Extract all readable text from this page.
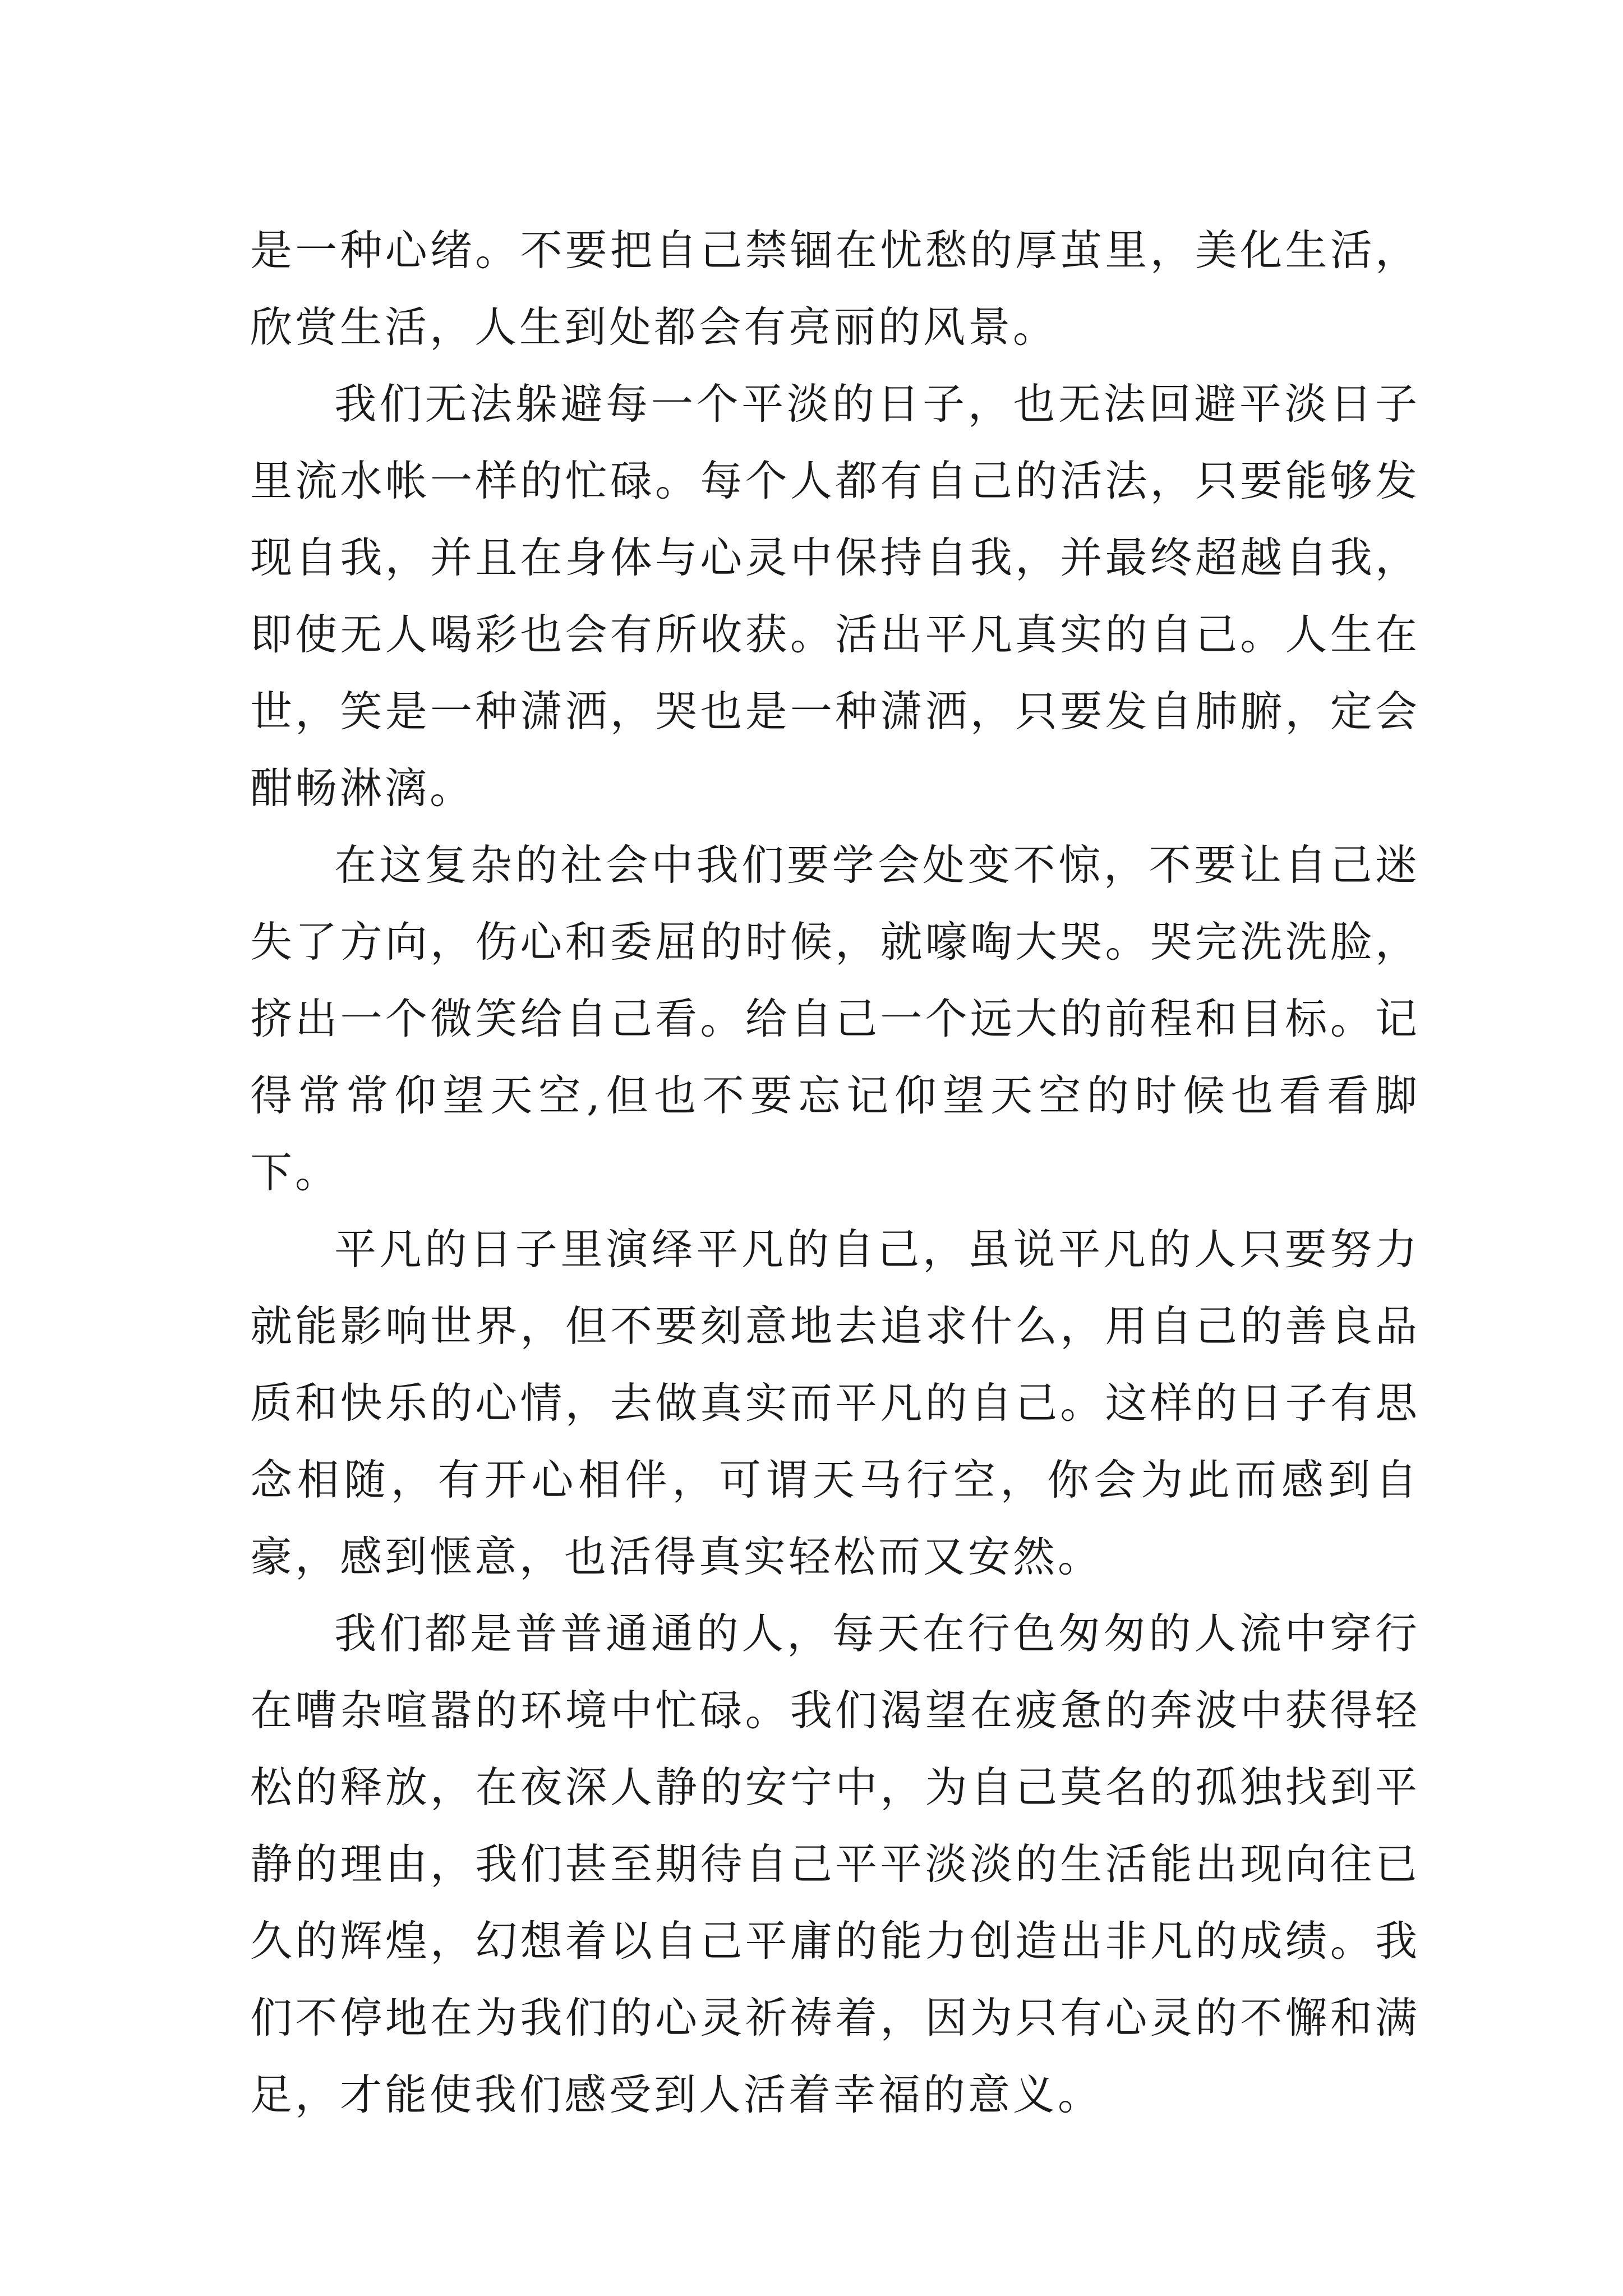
是一种心绪。不要把自己禁锢在忧愁的厚茧里，美化生活，欣赏生活，人生到处都会有亮丽的风景。

我们无法躲避每一个平淡的日子，也无法回避平淡日子里流水帐一样的忙碌。每个人都有自己的活法，只要能够发现自我，并且在身体与心灵中保持自我，并最终超越自我，即使无人喝彩也会有所收获。活出平凡真实的自己。人生在世，笑是一种潇洒，哭也是一种潇洒，只要发自肺腑，定会酣畅淋漓。

在这复杂的社会中我们要学会处变不惊，不要让自己迷失了方向，伤心和委屈的时候，就嚎啕大哭。哭完洗洗脸，挤出一个微笑给自己看。给自己一个远大的前程和目标。记得常常仰望天空,但也不要忘记仰望天空的时候也看看脚下。

平凡的日子里演绎平凡的自己，虽说平凡的人只要努力就能影响世界，但不要刻意地去追求什么，用自己的善良品质和快乐的心情，去做真实而平凡的自己。这样的日子有思念相随，有开心相伴，可谓天马行空，你会为此而感到自豪，感到惬意，也活得真实轻松而又安然。

我们都是普普通通的人，每天在行色匆匆的人流中穿行在嘈杂喧嚣的环境中忙碌。我们渴望在疲惫的奔波中获得轻松的释放，在夜深人静的安宁中，为自己莫名的孤独找到平静的理由，我们甚至期待自己平平淡淡的生活能出现向往已久的辉煌，幻想着以自己平庸的能力创造出非凡的成绩。我们不停地在为我们的心灵祈祷着，因为只有心灵的不懈和满足，才能使我们感受到人活着幸福的意义。
